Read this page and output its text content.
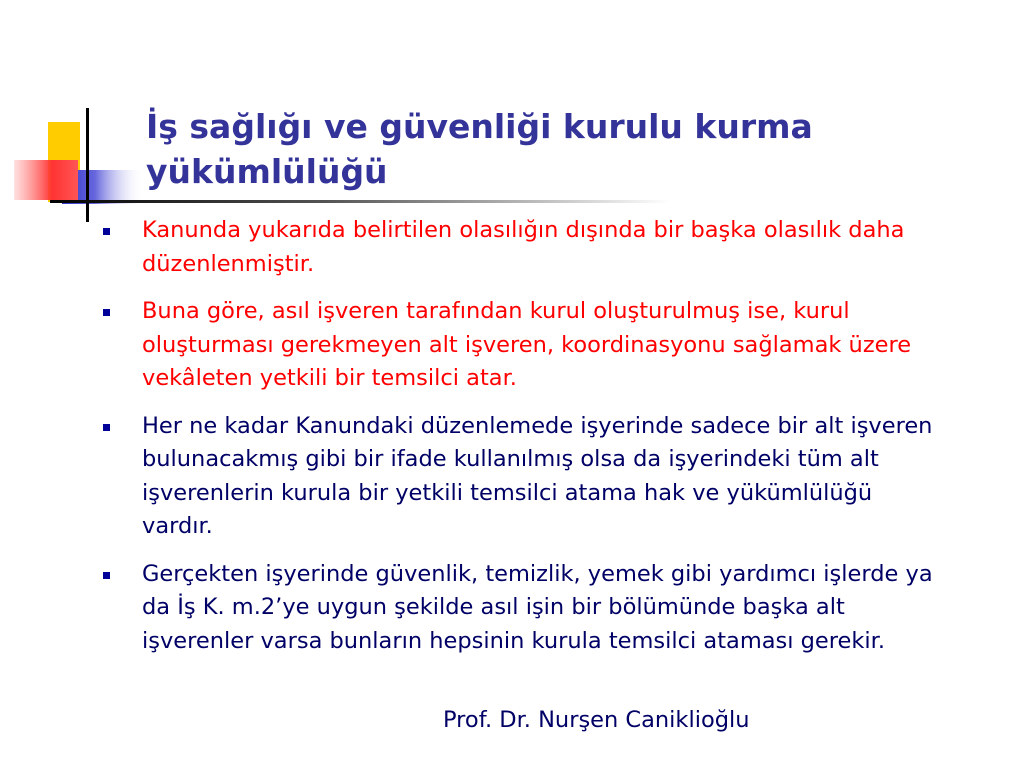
İş sağlığı ve güvenliği kurulu kurma
yükümlülüğü
Kanunda yukarıda belirtilen olasılığın dışında bir başka olasılık daha
düzenlenmiştir.
Buna göre, asıl işveren tarafından kurul oluşturulmuş ise, kurul
oluşturması gerekmeyen alt işveren, koordinasyonu sağlamak üzere
vekâleten yetkili bir temsilci atar.
Her ne kadar Kanundaki düzenlemede işyerinde sadece bir alt işveren
bulunacakmış gibi bir ifade kullanılmış olsa da işyerindeki tüm alt
işverenlerin kurula bir yetkili temsilci atama hak ve yükümlülüğü
vardır.
Gerçekten işyerinde güvenlik, temizlik, yemek gibi yardımcı işlerde ya
da İş K. m.2’ye uygun şekilde asıl işin bir bölümünde başka alt
işverenler varsa bunların hepsinin kurula temsilci ataması gerekir.
Prof. Dr. Nurşen Caniklioğlu
